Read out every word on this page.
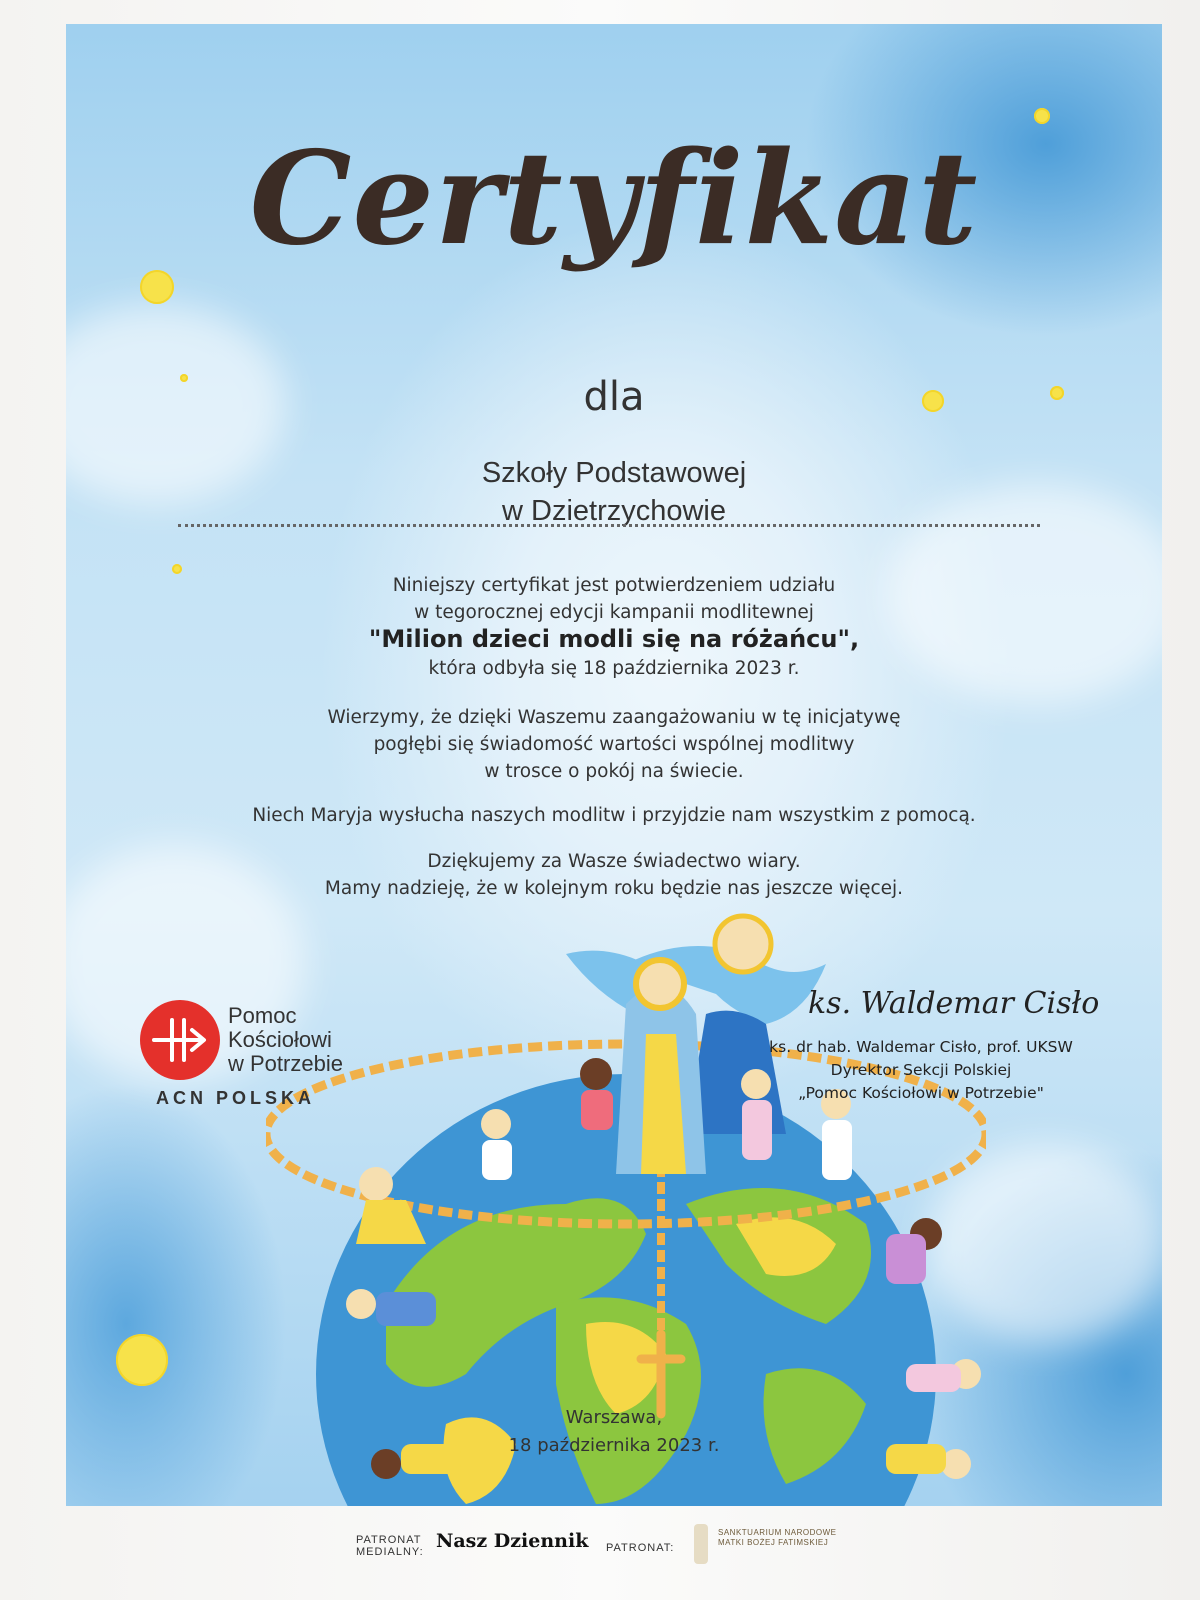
Certyfikat
dla
Szkoły Podstawowej
w Dzietrzychowie
Niniejszy certyfikat jest potwierdzeniem udziału
w tegorocznej edycji kampanii modlitewnej
"Milion dzieci modli się na różańcu",
która odbyła się 18 października 2023 r.
Wierzymy, że dzięki Waszemu zaangażowaniu w tę inicjatywę
pogłębi się świadomość wartości wspólnej modlitwy
w trosce o pokój na świecie.
Niech Maryja wysłucha naszych modlitw i przyjdzie nam wszystkim z pomocą.
Dziękujemy za Wasze świadectwo wiary.
Mamy nadzieję, że w kolejnym roku będzie nas jeszcze więcej.
Pomoc
Kościołowi
w Potrzebie
ACN POLSKA
ks. Waldemar Cisło
ks. dr hab. Waldemar Cisło, prof. UKSW
Dyrektor Sekcji Polskiej
„Pomoc Kościołowi w Potrzebie"
Warszawa,
18 października 2023 r.
PATRONAT
MEDIALNY: Nasz Dziennik PATRONAT:
SANKTUARIUM NARODOWE
MATKI BOŻEJ FATIMSKIEJ
